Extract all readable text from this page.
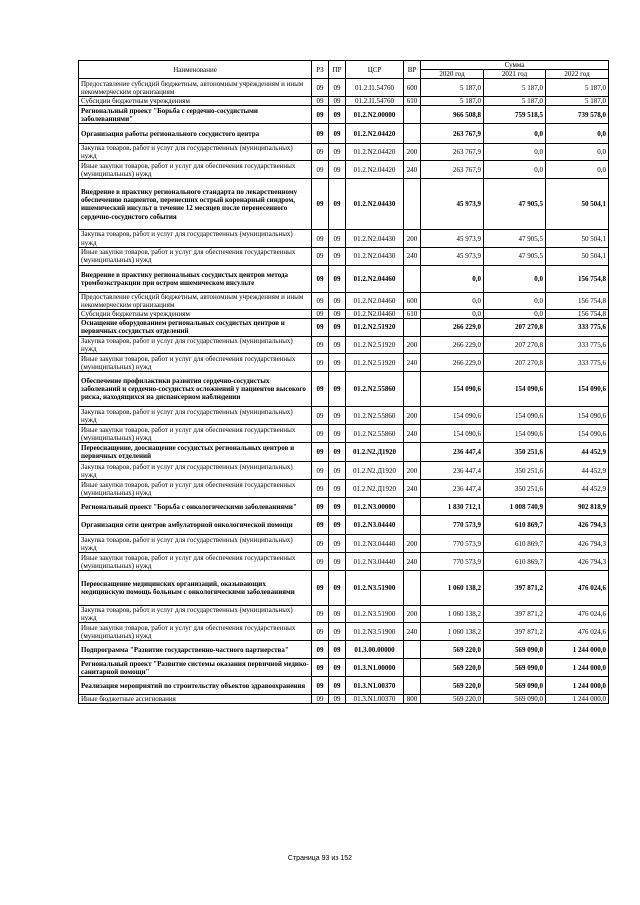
Наименование	РЗ	ПР	ЦСР	ВР	Сумма		
					2020 год	2021 год	2022 год
Предоставление субсидий бюджетным, автономным учреждениям и иным некоммерческим организациям	09	09	01.2.I1.54760	600	5 187,0	5 187,0	5 187,0
Субсидии бюджетным учреждениям	09	09	01.2.I1.54760	610	5 187,0	5 187,0	5 187,0
Региональный проект "Борьба с сердечно-сосудистыми заболеваниями"	09	09	01.2.N2.00000		966 508,8	759 518,5	739 578,0
Организация работы регионального сосудистого центра	09	09	01.2.N2.04420		263 767,9	0,0	0,0
Закупка товаров, работ и услуг для государственных (муниципальных) нужд	09	09	01.2.N2.04420	200	263 767,9	0,0	0,0
Иные закупки товаров, работ и услуг для обеспечения государственных (муниципальных) нужд	09	09	01.2.N2.04420	240	263 767,9	0,0	0,0
Внедрение в практику регионального стандарта по лекарственному обеспечению пациентов, перенесших острый коронарный синдром, ишемический инсульт в течение 12 месяцев после перенесенного сердечно-сосудистого события	09	09	01.2.N2.04430		45 973,9	47 905,5	50 504,1
Закупка товаров, работ и услуг для государственных (муниципальных) нужд	09	09	01.2.N2.04430	200	45 973,9	47 905,5	50 504,1
Иные закупки товаров, работ и услуг для обеспечения государственных (муниципальных) нужд	09	09	01.2.N2.04430	240	45 973,9	47 905,5	50 504,1
Внедрение в практику региональных сосудистых центров метода тромбоэкстракции при остром ишемическом инсульте	09	09	01.2.N2.04460		0,0	0,0	156 754,8
Предоставление субсидий бюджетным, автономным учреждениям и иным некоммерческим организациям	09	09	01.2.N2.04460	600	0,0	0,0	156 754,8
Субсидии бюджетным учреждениям	09	09	01.2.N2.04460	610	0,0	0,0	156 754,8
Оснащение оборудованием региональных сосудистых центров и первичных сосудистых отделений	09	09	01.2.N2.51920		266 229,0	207 270,8	333 775,6
Закупка товаров, работ и услуг для государственных (муниципальных) нужд	09	09	01.2.N2.51920	200	266 229,0	207 270,8	333 775,6
Иные закупки товаров, работ и услуг для обеспечения государственных (муниципальных) нужд	09	09	01.2.N2.51920	240	266 229,0	207 270,8	333 775,6
Обеспечение профилактики развития сердечно-сосудистых заболеваний и сердечно-сосудистых осложнений у пациентов высокого риска, находящихся на диспансерном наблюдении	09	09	01.2.N2.55860		154 090,6	154 090,6	154 090,6
Закупка товаров, работ и услуг для государственных (муниципальных) нужд	09	09	01.2.N2.55860	200	154 090,6	154 090,6	154 090,6
Иные закупки товаров, работ и услуг для обеспечения государственных (муниципальных) нужд	09	09	01.2.N2.55860	240	154 090,6	154 090,6	154 090,6
Переоснащение, дооснащение сосудистых региональных центров и первичных отделений	09	09	01.2.N2.Д1920		236 447,4	350 251,6	44 452,9
Закупка товаров, работ и услуг для государственных (муниципальных) нужд	09	09	01.2.N2.Д1920	200	236 447,4	350 251,6	44 452,9
Иные закупки товаров, работ и услуг для обеспечения государственных (муниципальных) нужд	09	09	01.2.N2.Д1920	240	236 447,4	350 251,6	44 452,9
Региональный проект "Борьба с онкологическими заболеваниями"	09	09	01.2.N3.00000		1 830 712,1	1 008 740,9	902 818,9
Организация сети центров амбулаторной онкологической помощи	09	09	01.2.N3.04440		770 573,9	610 869,7	426 794,3
Закупка товаров, работ и услуг для государственных (муниципальных) нужд	09	09	01.2.N3.04440	200	770 573,9	610 869,7	426 794,3
Иные закупки товаров, работ и услуг для обеспечения государственных (муниципальных) нужд	09	09	01.2.N3.04440	240	770 573,9	610 869,7	426 794,3
Переоснащение медицинских организаций, оказывающих медицинскую помощь больным с онкологическими заболеваниями	09	09	01.2.N3.51900		1 060 138,2	397 871,2	476 024,6
Закупка товаров, работ и услуг для государственных (муниципальных) нужд	09	09	01.2.N3.51900	200	1 060 138,2	397 871,2	476 024,6
Иные закупки товаров, работ и услуг для обеспечения государственных (муниципальных) нужд	09	09	01.2.N3.51900	240	1 060 138,2	397 871,2	476 024,6
Подпрограмма "Развитие государственно-частного партнерства"	09	09	01.3.00.00000		569 220,0	569 090,0	1 244 000,0
Региональный проект "Развитие системы оказания первичной медико-санитарной помощи"	09	09	01.3.N1.00000		569 220,0	569 090,0	1 244 000,0
Реализация мероприятий по строительству объектов здравоохранения	09	09	01.3.N1.00370		569 220,0	569 090,0	1 244 000,0
Иные бюджетные ассигнования	09	09	01.3.N1.00370	800	569 220,0	569 090,0	1 244 000,0
Страница 93 из 152
